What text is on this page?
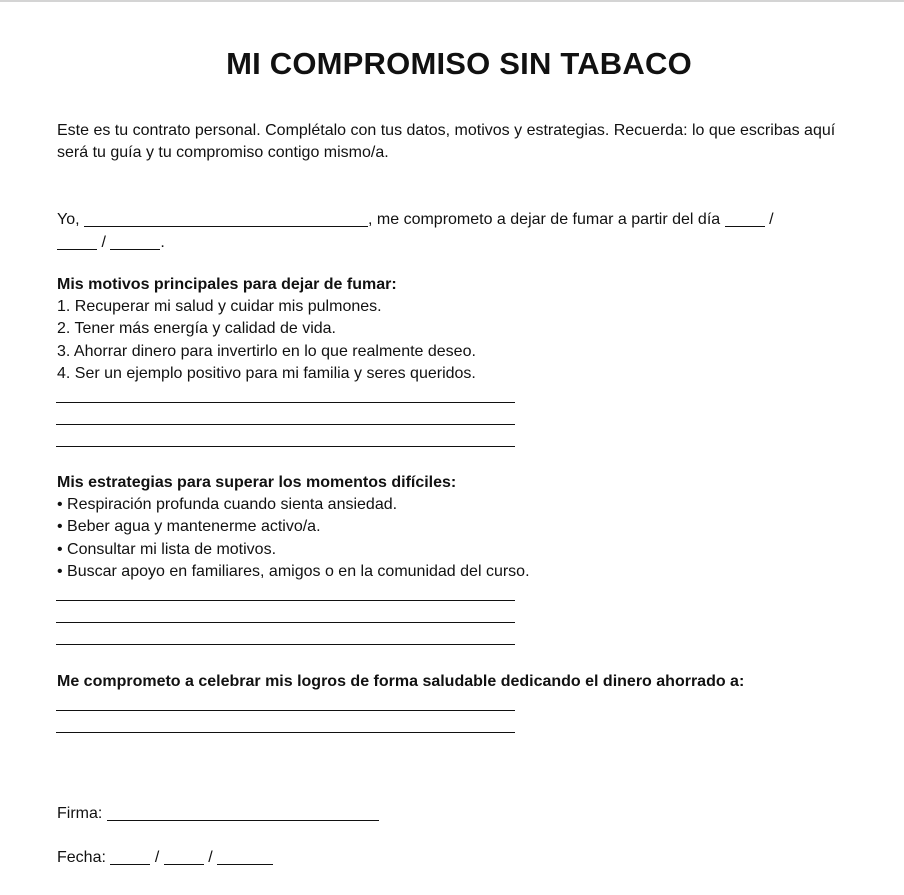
MI COMPROMISO SIN TABACO
Este es tu contrato personal. Complétalo con tus datos, motivos y estrategias. Recuerda: lo que escribas aquí será tu guía y tu compromiso contigo mismo/a.
Yo,	, me comprometo a dejar de fumar a partir del día	/
/	.
Mis motivos principales para dejar de fumar:
1. Recuperar mi salud y cuidar mis pulmones.
2. Tener más energía y calidad de vida.
3. Ahorrar dinero para invertirlo en lo que realmente deseo.
4. Ser un ejemplo positivo para mi familia y seres queridos.
Mis estrategias para superar los momentos difíciles:
• Respiración profunda cuando sienta ansiedad.
• Beber agua y mantenerme activo/a.
• Consultar mi lista de motivos.
• Buscar apoyo en familiares, amigos o en la comunidad del curso.
Me comprometo a celebrar mis logros de forma saludable dedicando el dinero ahorrado a:
Firma:
Fecha:	/	/
